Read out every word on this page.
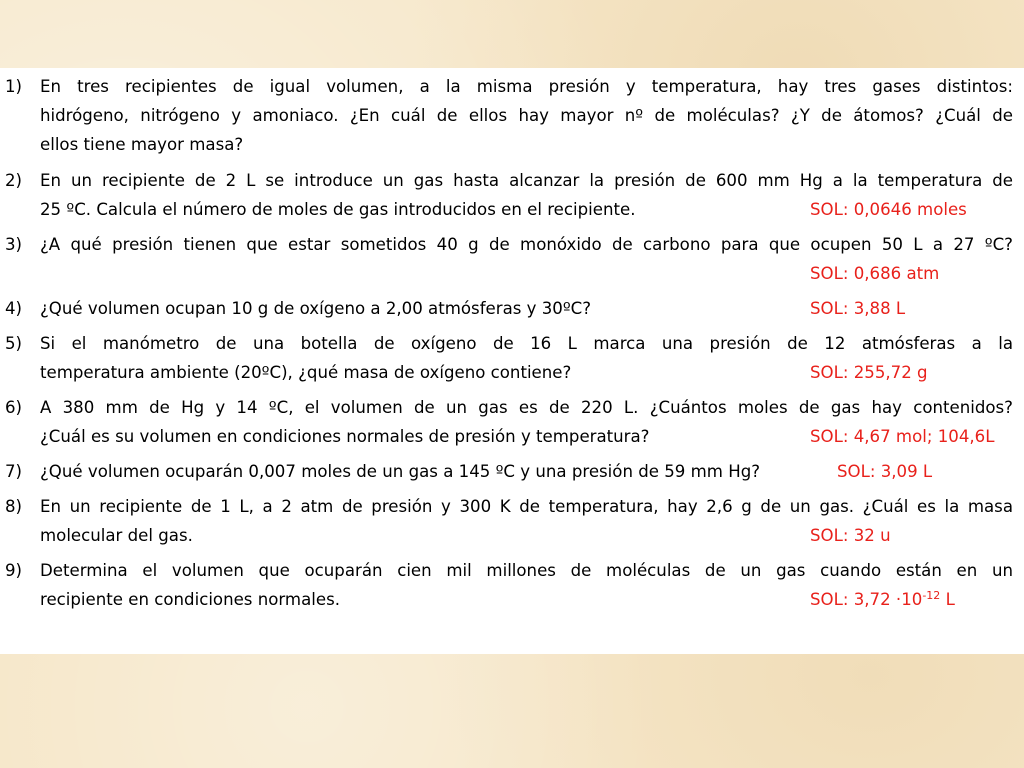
1)	En tres recipientes de igual volumen, a la misma presión y temperatura, hay tres gases distintos:
hidrógeno, nitrógeno y amoniaco. ¿En cuál de ellos hay mayor nº de moléculas? ¿Y de átomos? ¿Cuál de
ellos tiene mayor masa?
2)	En un recipiente de 2 L se introduce un gas hasta alcanzar la presión de 600 mm Hg a la temperatura de
25 ºC. Calcula el número de moles de gas introducidos en el recipiente.	SOL: 0,0646 moles
3)	¿A qué presión tienen que estar sometidos 40 g de monóxido de carbono para que ocupen 50 L a 27 ºC?
SOL: 0,686 atm
4)	¿Qué volumen ocupan 10 g de oxígeno a 2,00 atmósferas y 30ºC?	SOL: 3,88 L
5)	Si el manómetro de una botella de oxígeno de 16 L marca una presión de 12 atmósferas a la
temperatura ambiente (20ºC), ¿qué masa de oxígeno contiene?	SOL: 255,72 g
6)	A 380 mm de Hg y 14 ºC, el volumen de un gas es de 220 L. ¿Cuántos moles de gas hay contenidos?
¿Cuál es su volumen en condiciones normales de presión y temperatura?	SOL: 4,67 mol; 104,6L
7)	¿Qué volumen ocuparán 0,007 moles de un gas a 145 ºC y una presión de 59 mm Hg?	SOL: 3,09 L
8)	En un recipiente de 1 L, a 2 atm de presión y 300 K de temperatura, hay 2,6 g de un gas. ¿Cuál es la masa
molecular del gas.	SOL: 32 u
9)	Determina el volumen que ocuparán cien mil millones de moléculas de un gas cuando están en un
recipiente en condiciones normales.	SOL: $3,72 \cdot 10^{-12}$ L
